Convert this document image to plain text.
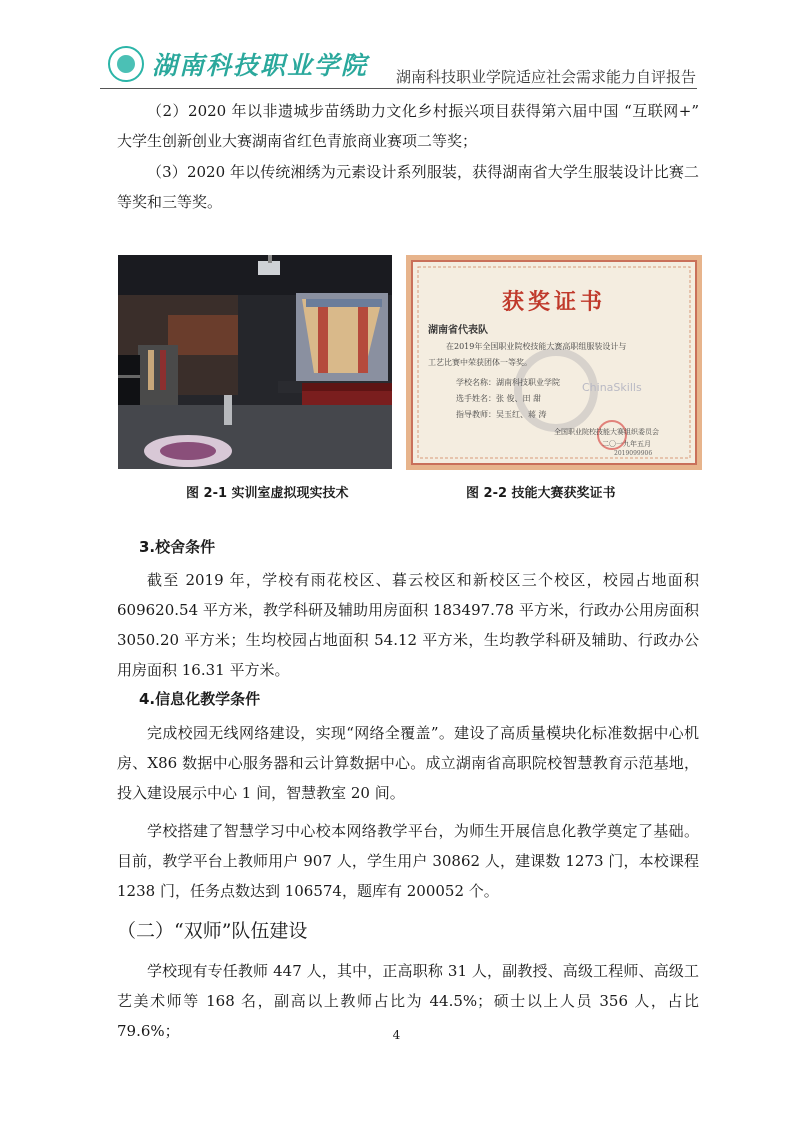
湖南科技职业学院 湖南科技职业学院适应社会需求能力自评报告

（2）2020 年以非遗城步苗绣助力文化乡村振兴项目获得第六届中国 “互联网+” 大学生创新创业大赛湖南省红色青旅商业赛项二等奖；

（3）2020 年以传统湘绣为元素设计系列服装，获得湖南省大学生服装设计比赛二等奖和三等奖。

获奖证书
湖南省代表队
在2019年全国职业院校技能大赛高职组服装设计与
工艺比赛中荣获团体一等奖。
学校名称：湖南科技职业学院
选手姓名：张 俊、田 甜
指导教师：吴玉红、蒋 涛
ChinaSkills
全国职业院校技能大赛组织委员会
二〇一九年五月
2019099906
图 2-1 实训室虚拟现实技术	图 2-2 技能大赛获奖证书
3.校舍条件

截至 2019 年，学校有雨花校区、暮云校区和新校区三个校区，校园占地面积 609620.54 平方米，教学科研及辅助用房面积 183497.78 平方米，行政办公用房面积 3050.20 平方米；生均校园占地面积 54.12 平方米，生均教学科研及辅助、行政办公用房面积 16.31 平方米。

4.信息化教学条件

完成校园无线网络建设，实现“网络全覆盖”。建设了高质量模块化标准数据中心机房、X86 数据中心服务器和云计算数据中心。成立湖南省高职院校智慧教育示范基地，投入建设展示中心 1 间，智慧教室 20 间。

学校搭建了智慧学习中心校本网络教学平台，为师生开展信息化教学奠定了基础。目前，教学平台上教师用户 907 人，学生用户 30862 人，建课数 1273 门，本校课程 1238 门，任务点数达到 106574，题库有 200052 个。

（二）“双师”队伍建设

学校现有专任教师 447 人，其中，正高职称 31 人，副教授、高级工程师、高级工艺美术师等 168 名，副高以上教师占比为 44.5%；硕士以上人员 356 人，占比 79.6%；	4
